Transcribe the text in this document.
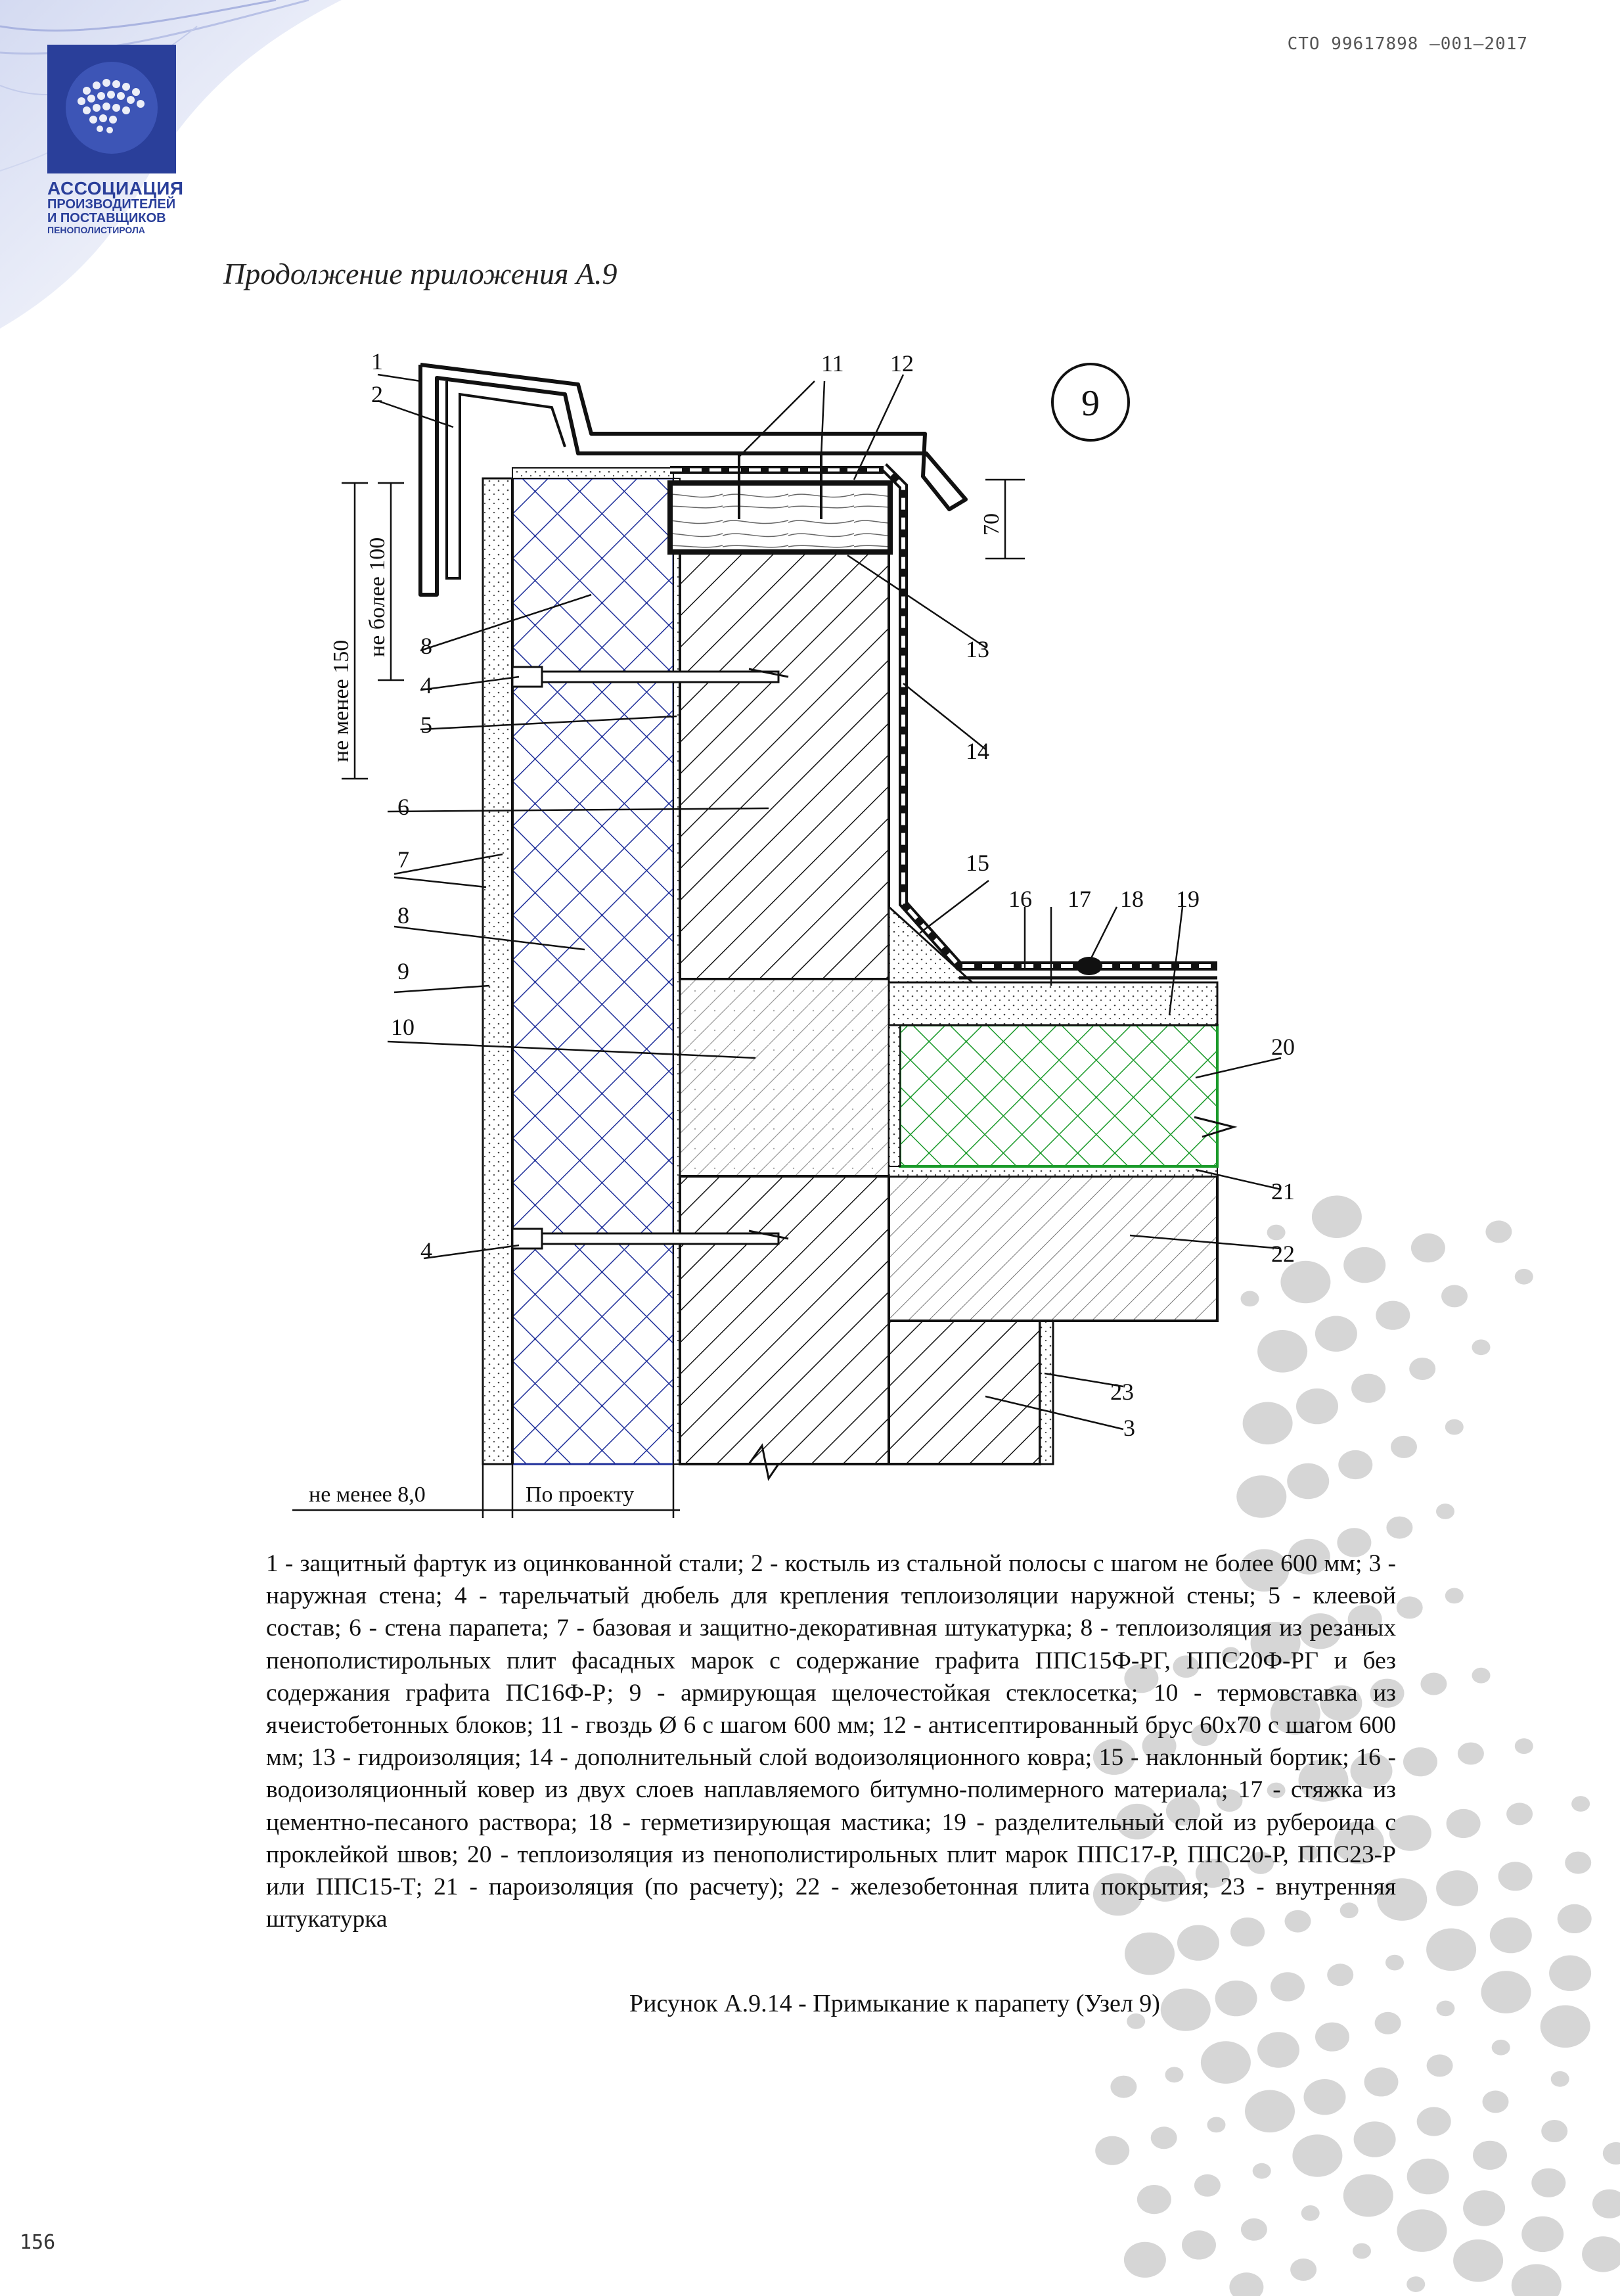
АССОЦИАЦИЯ
ПРОИЗВОДИТЕЛЕЙ
И ПОСТАВЩИКОВ
ПЕНОПОЛИСТИРОЛА
СТО 99617898 –001–2017
Продолжение приложения А.9
9
1
2
3
4
4
5
6
7
8
8
9
10
11 12
13
14
15
16 17 18 19
20
21
22
23
не менее 150
не более 100
70
не менее 8,0	По проекту
1 - защитный фартук из оцинкованной стали; 2 - костыль из стальной полосы с шагом не более 600 мм; 3 - наружная стена; 4 - тарельчатый дюбель для крепления теплоизоляции наружной стены; 5 - клеевой состав; 6 - стена парапета; 7 - базовая и защитно-декоративная штукатурка; 8 - теплоизоляция из резаных пенополистирольных плит фасадных марок с содержание графита ППС15Ф-РГ, ППС20Ф-РГ и без содержания графита ПС16Ф-Р; 9 - армирующая щелочестойкая стеклосетка; 10 - термовставка из ячеистобетонных блоков; 11 - гвоздь Ø 6 с шагом 600 мм; 12 - антисептированный брус 60х70 с шагом 600 мм; 13 - гидроизоляция; 14 - дополнительный слой водоизоляционного ковра; 15 - наклонный бортик; 16 - водоизоляционный ковер из двух слоев наплавляемого битумно-полимерного материала; 17 - стяжка из цементно-песаного раствора; 18 - герметизирующая мастика; 19 - разделительный слой из рубероида с проклейкой швов; 20 - теплоизоляция из пенополистирольных плит марок ППС17-Р, ППС20-Р, ППС23-Р или ППС15-Т; 21 - пароизоляция (по расчету); 22 - железобетонная плита покрытия; 23 - внутренняя штукатурка
Рисунок А.9.14 - Примыкание к парапету (Узел 9)
156
